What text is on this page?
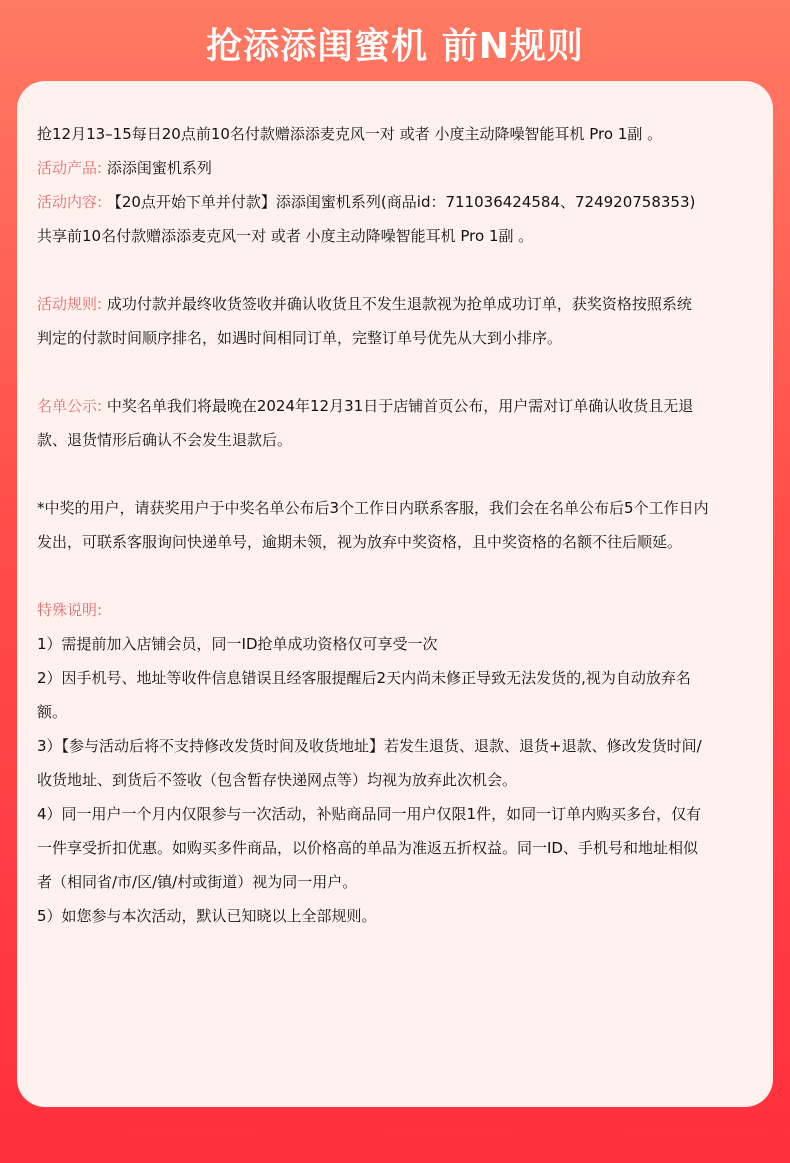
抢添添闺蜜机 前N规则

抢12月13–15每日20点前10名付款赠添添麦克风一对 或者 小度主动降噪智能耳机 Pro 1副 。

活动产品: 添添闺蜜机系列

活动内容: 【20点开始下单并付款】添添闺蜜机系列(商品id：711036424584、724920758353)

共享前10名付款赠添添麦克风一对 或者 小度主动降噪智能耳机 Pro 1副 。

活动规则: 成功付款并最终收货签收并确认收货且不发生退款视为抢单成功订单，获奖资格按照系统

判定的付款时间顺序排名，如遇时间相同订单，完整订单号优先从大到小排序。

名单公示: 中奖名单我们将最晚在2024年12月31日于店铺首页公布，用户需对订单确认收货且无退

款、退货情形后确认不会发生退款后。

*中奖的用户，请获奖用户于中奖名单公布后3个工作日内联系客服，我们会在名单公布后5个工作日内

发出，可联系客服询问快递单号，逾期未领，视为放弃中奖资格，且中奖资格的名额不往后顺延。

特殊说明:

1）需提前加入店铺会员，同一ID抢单成功资格仅可享受一次

2）因手机号、地址等收件信息错误且经客服提醒后2天内尚未修正导致无法发货的,视为自动放弃名

额。

3）【参与活动后将不支持修改发货时间及收货地址】若发生退货、退款、退货+退款、修改发货时间/

收货地址、到货后不签收（包含暂存快递网点等）均视为放弃此次机会。

4）同一用户一个月内仅限参与一次活动，补贴商品同一用户仅限1件，如同一订单内购买多台，仅有

一件享受折扣优惠。如购买多件商品，以价格高的单品为准返五折权益。同一ID、手机号和地址相似

者（相同省/市/区/镇/村或街道）视为同一用户。

5）如您参与本次活动，默认已知晓以上全部规则。
